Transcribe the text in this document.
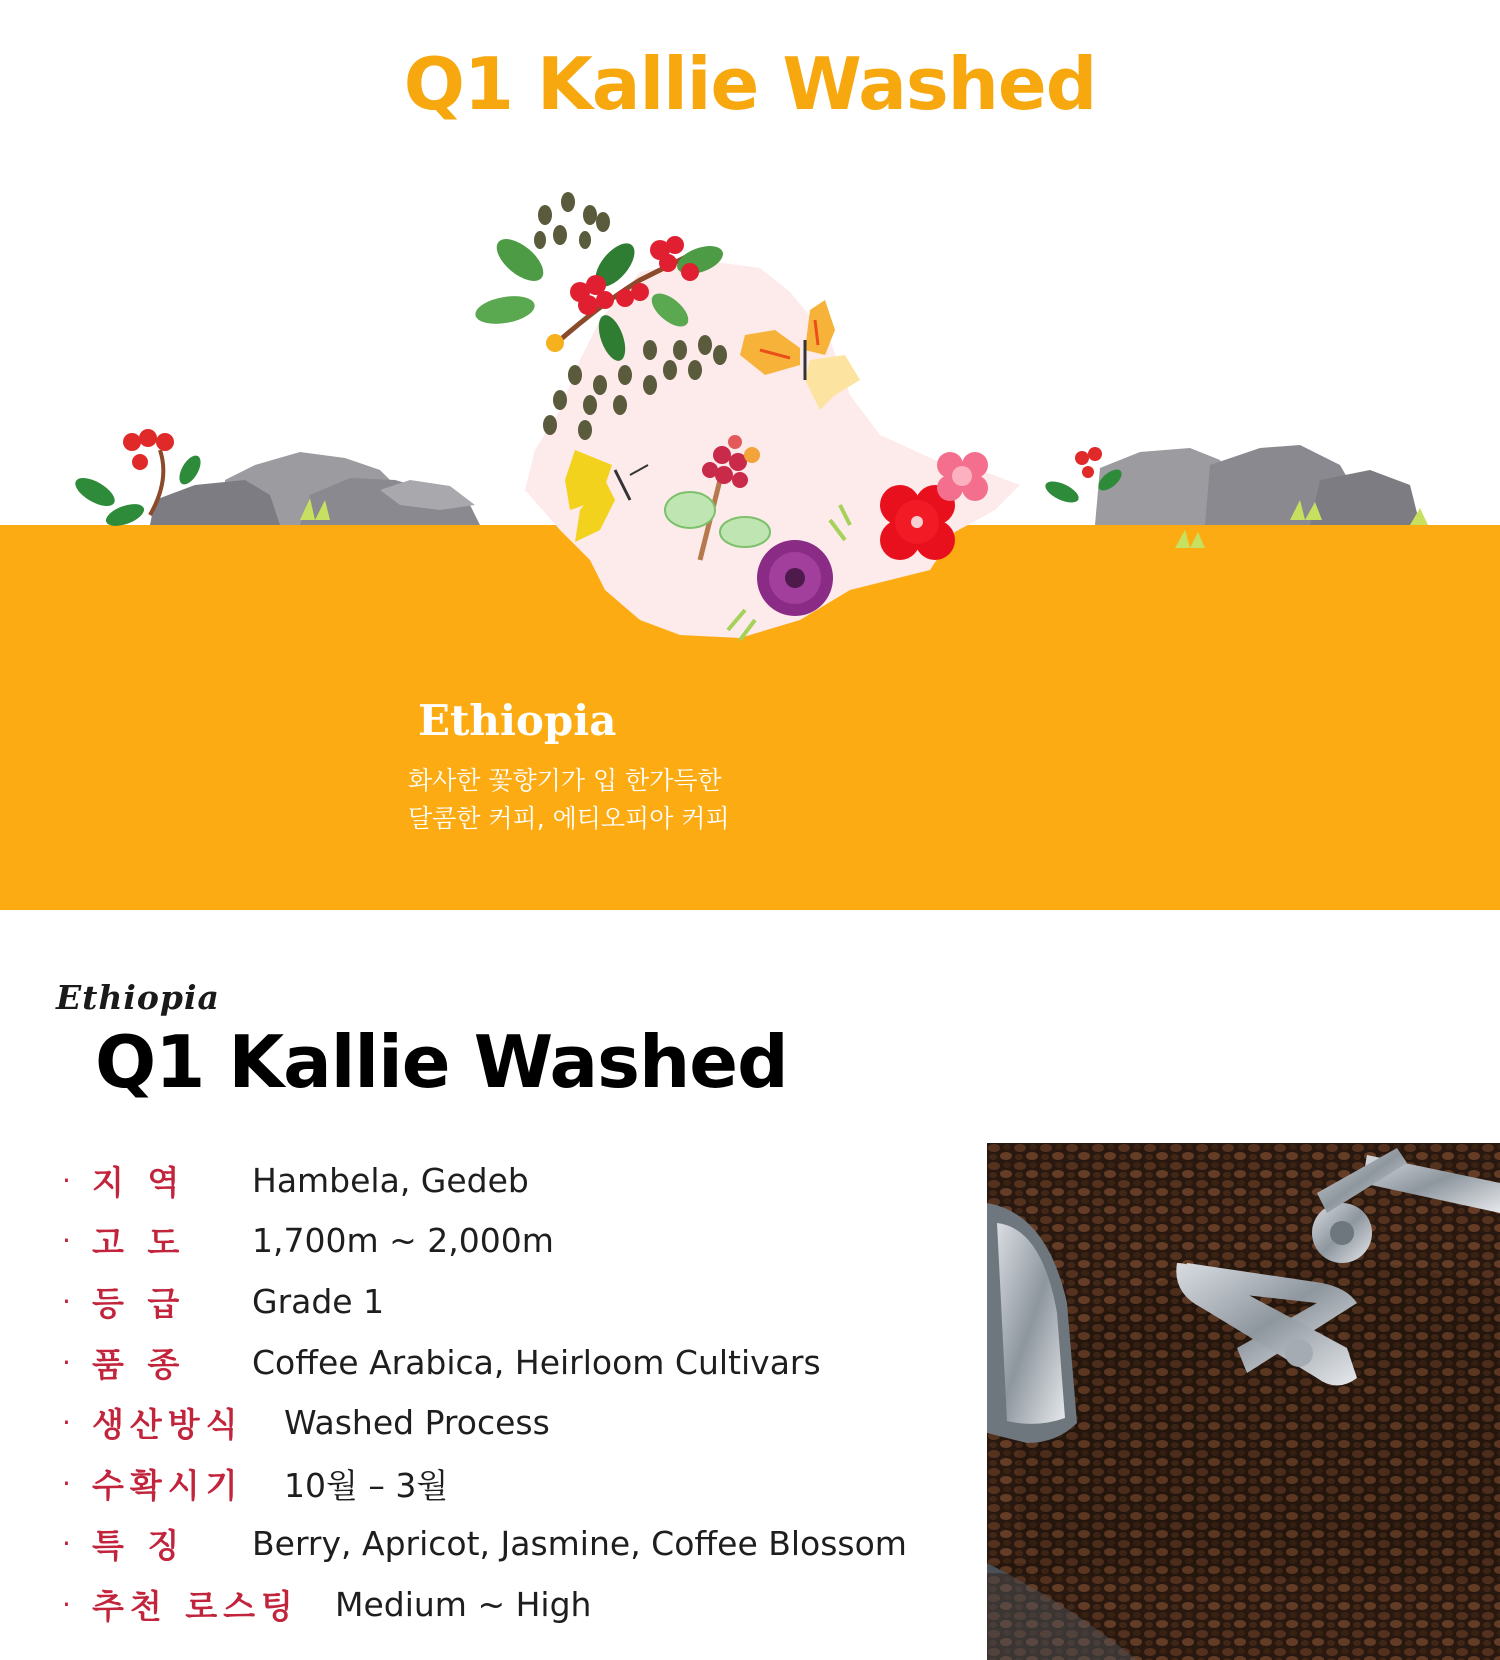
Q1 Kallie Washed
Ethiopia
화사한 꽃향기가 입 한가득한
달콤한 커피, 에티오피아 커피
Ethiopia
Q1 Kallie Washed
· 지 역	Hambela, Gedeb
· 고 도	1,700m ~ 2,000m
· 등 급	Grade 1
· 품 종	Coffee Arabica, Heirloom Cultivars
· 생산방식	Washed Process
· 수확시기	10월 – 3월
· 특 징	Berry, Apricot, Jasmine, Coffee Blossom
· 추천 로스팅	Medium ~ High
